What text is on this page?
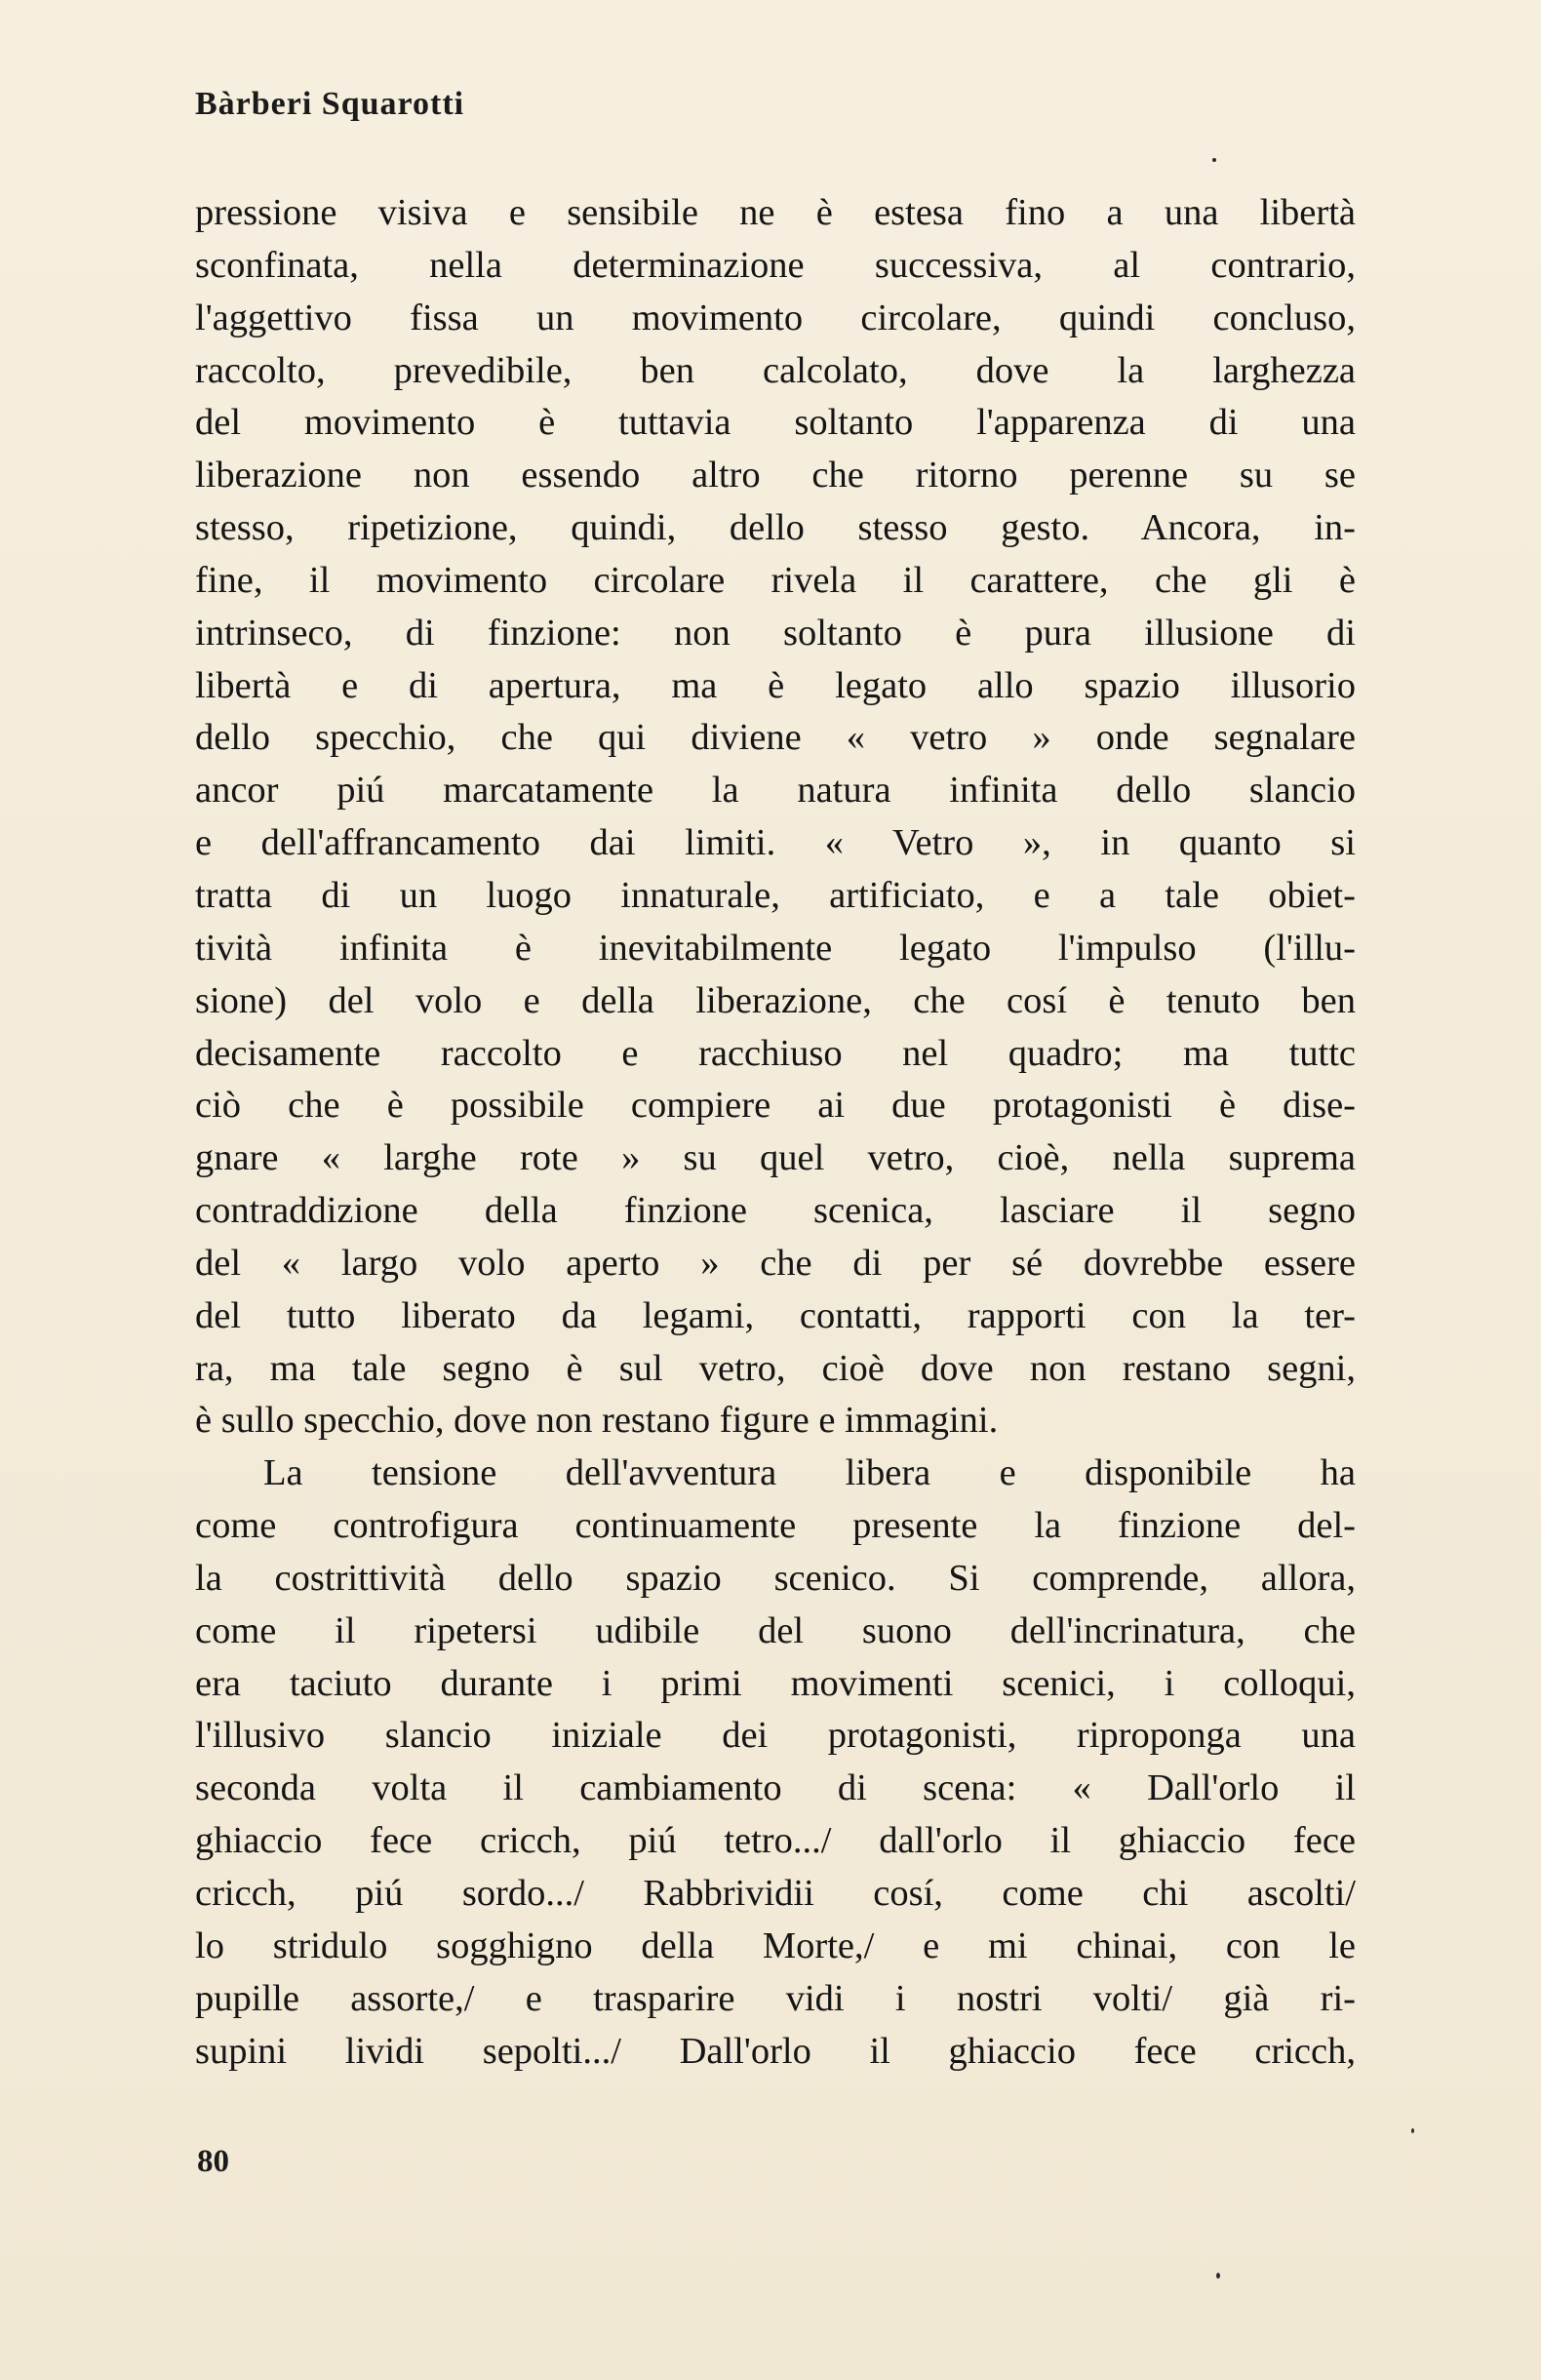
Bàrberi Squarotti

pressione visiva e sensibile ne è estesa fino a una libertà
sconfinata, nella determinazione successiva, al contrario,
l'aggettivo fissa un movimento circolare, quindi concluso,
raccolto, prevedibile, ben calcolato, dove la larghezza
del movimento è tuttavia soltanto l'apparenza di una
liberazione non essendo altro che ritorno perenne su se
stesso, ripetizione, quindi, dello stesso gesto. Ancora, in-
fine, il movimento circolare rivela il carattere, che gli è
intrinseco, di finzione: non soltanto è pura illusione di
libertà e di apertura, ma è legato allo spazio illusorio
dello specchio, che qui diviene « vetro » onde segnalare
ancor piú marcatamente la natura infinita dello slancio
e dell'affrancamento dai limiti. « Vetro », in quanto si
tratta di un luogo innaturale, artificiato, e a tale obiet-
tività infinita è inevitabilmente legato l'impulso (l'illu-
sione) del volo e della liberazione, che cosí è tenuto ben
decisamente raccolto e racchiuso nel quadro; ma tuttc
ciò che è possibile compiere ai due protagonisti è dise-
gnare « larghe rote » su quel vetro, cioè, nella suprema
contraddizione della finzione scenica, lasciare il segno
del « largo volo aperto » che di per sé dovrebbe essere
del tutto liberato da legami, contatti, rapporti con la ter-
ra, ma tale segno è sul vetro, cioè dove non restano segni,
è sullo specchio, dove non restano figure e immagini.
La tensione dell'avventura libera e disponibile ha
come controfigura continuamente presente la finzione del-
la costrittività dello spazio scenico. Si comprende, allora,
come il ripetersi udibile del suono dell'incrinatura, che
era taciuto durante i primi movimenti scenici, i colloqui,
l'illusivo slancio iniziale dei protagonisti, riproponga una
seconda volta il cambiamento di scena: « Dall'orlo il
ghiaccio fece cricch, piú tetro.../ dall'orlo il ghiaccio fece
cricch, piú sordo.../ Rabbrividii cosí, come chi ascolti/
lo stridulo sogghigno della Morte,/ e mi chinai, con le
pupille assorte,/ e trasparire vidi i nostri volti/ già ri-
supini lividi sepolti.../ Dall'orlo il ghiaccio fece cricch,

80
